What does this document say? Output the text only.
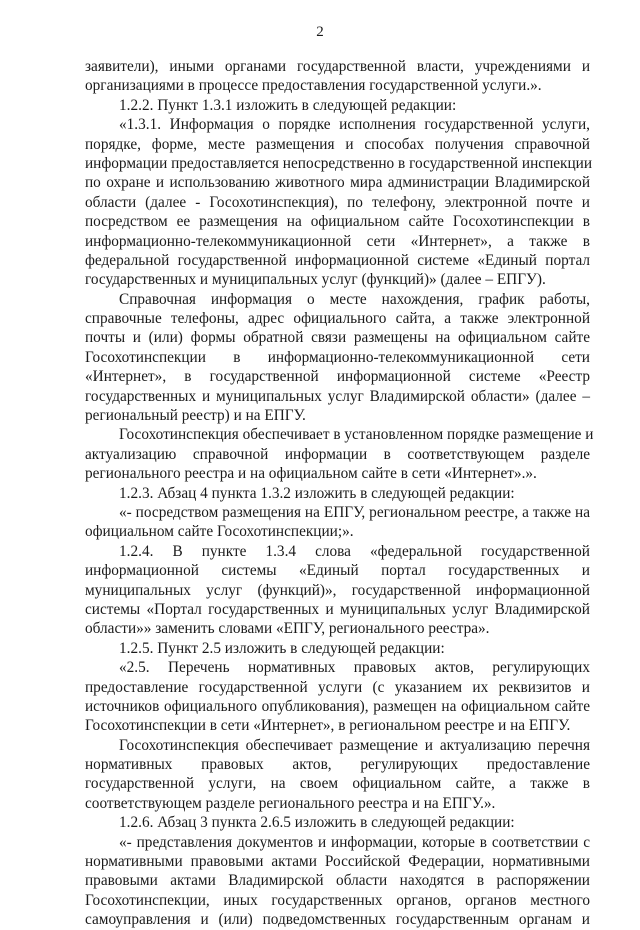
2
заявители), иными органами государственной власти, учреждениями и
организациями в процессе предоставления государственной услуги.».
1.2.2. Пункт 1.3.1 изложить в следующей редакции:
«1.3.1. Информация о порядке исполнения государственной услуги,
порядке, форме, месте размещения и способах получения справочной
информации предоставляется непосредственно в государственной инспекции
по охране и использованию животного мира администрации Владимирской
области (далее - Госохотинспекция), по телефону, электронной почте и
посредством ее размещения на официальном сайте Госохотинспекции в
информационно-телекоммуникационной сети «Интернет», а также в
федеральной государственной информационной системе «Единый портал
государственных и муниципальных услуг (функций)» (далее – ЕПГУ).
Справочная информация о месте нахождения, график работы,
справочные телефоны, адрес официального сайта, а также электронной
почты и (или) формы обратной связи размещены на официальном сайте
Госохотинспекции в информационно-телекоммуникационной сети
«Интернет», в государственной информационной системе «Реестр
государственных и муниципальных услуг Владимирской области» (далее –
региональный реестр) и на ЕПГУ.
Госохотинспекция обеспечивает в установленном порядке размещение и
актуализацию справочной информации в соответствующем разделе
регионального реестра и на официальном сайте в сети «Интернет».».
1.2.3. Абзац 4 пункта 1.3.2 изложить в следующей редакции:
«- посредством размещения на ЕПГУ, региональном реестре, а также на
официальном сайте Госохотинспекции;».
1.2.4. В пункте 1.3.4 слова «федеральной государственной
информационной системы «Единый портал государственных и
муниципальных услуг (функций)», государственной информационной
системы «Портал государственных и муниципальных услуг Владимирской
области»» заменить словами «ЕПГУ, регионального реестра».
1.2.5. Пункт 2.5 изложить в следующей редакции:
«2.5. Перечень нормативных правовых актов, регулирующих
предоставление государственной услуги (с указанием их реквизитов и
источников официального опубликования), размещен на официальном сайте
Госохотинспекции в сети «Интернет», в региональном реестре и на ЕПГУ.
Госохотинспекция обеспечивает размещение и актуализацию перечня
нормативных правовых актов, регулирующих предоставление
государственной услуги, на своем официальном сайте, а также в
соответствующем разделе регионального реестра и на ЕПГУ.».
1.2.6. Абзац 3 пункта 2.6.5 изложить в следующей редакции:
«- представления документов и информации, которые в соответствии с
нормативными правовыми актами Российской Федерации, нормативными
правовыми актами Владимирской области находятся в распоряжении
Госохотинспекции, иных государственных органов, органов местного
самоуправления и (или) подведомственных государственным органам и
